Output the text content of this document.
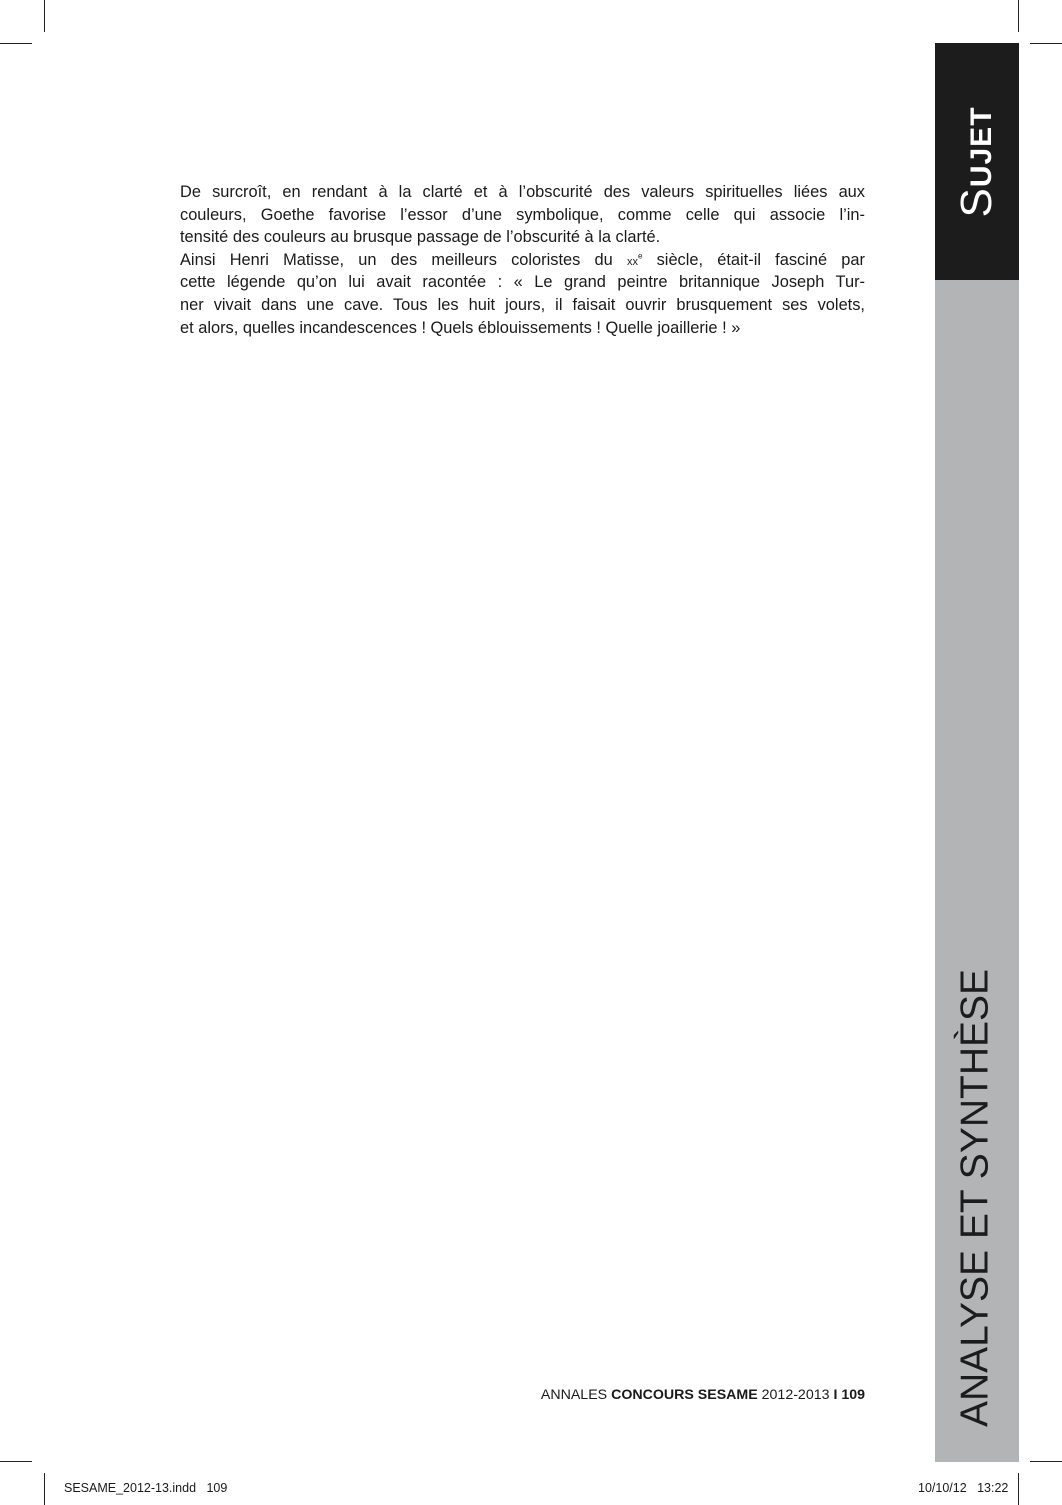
SUJET
ANALYSE ET SYNTHÈSE
De surcroît, en rendant à la clarté et à l’obscurité des valeurs spirituelles liées aux
couleurs, Goethe favorise l’essor d’une symbolique, comme celle qui associe l’in-
tensité des couleurs au brusque passage de l’obscurité à la clarté.
Ainsi Henri Matisse, un des meilleurs coloristes du $xx^e$ siècle, était-il fasciné par
cette légende qu’on lui avait racontée : « Le grand peintre britannique Joseph Tur-
ner vivait dans une cave. Tous les huit jours, il faisait ouvrir brusquement ses volets,
et alors, quelles incandescences ! Quels éblouissements ! Quelle joaillerie ! »
ANNALES CONCOURS SESAME 2012-2013 I 109
SESAME_2012-13.indd   109	10/10/12   13:22
